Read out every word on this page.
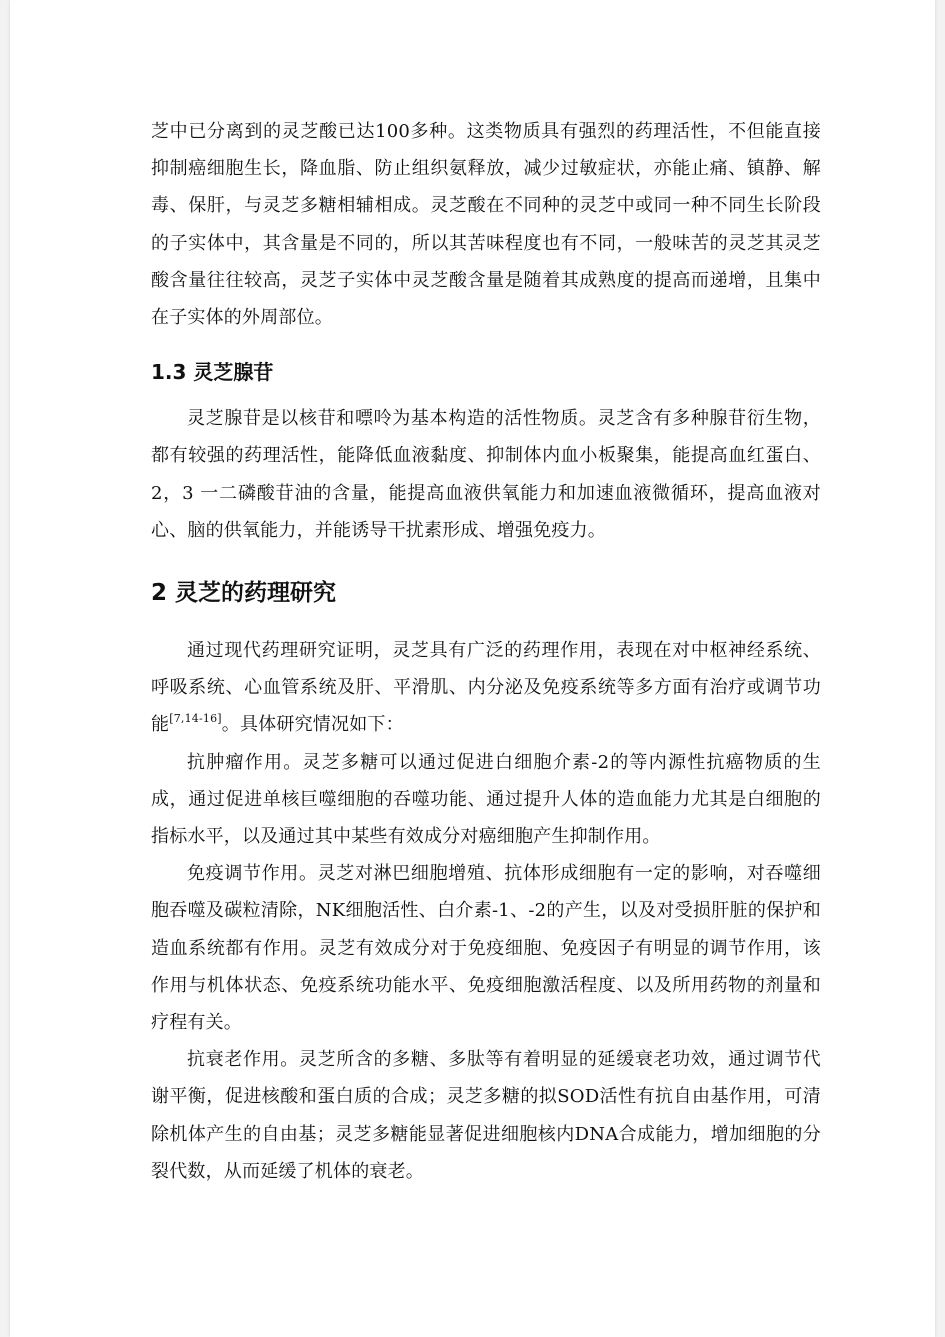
芝中已分离到的灵芝酸已达100多种。这类物质具有强烈的药理活性，不但能直接抑制癌细胞生长，降血脂、防止组织氨释放，减少过敏症状，亦能止痛、镇静、解毒、保肝，与灵芝多糖相辅相成。灵芝酸在不同种的灵芝中或同一种不同生长阶段的子实体中，其含量是不同的，所以其苦味程度也有不同，一般味苦的灵芝其灵芝酸含量往往较高，灵芝子实体中灵芝酸含量是随着其成熟度的提高而递增，且集中在子实体的外周部位。

1.3 灵芝腺苷

灵芝腺苷是以核苷和嘌呤为基本构造的活性物质。灵芝含有多种腺苷衍生物，都有较强的药理活性，能降低血液黏度、抑制体内血小板聚集，能提高血红蛋白、2，3 一二磷酸苷油的含量，能提高血液供氧能力和加速血液微循环，提高血液对心、脑的供氧能力，并能诱导干扰素形成、增强免疫力。

2 灵芝的药理研究

通过现代药理研究证明，灵芝具有广泛的药理作用，表现在对中枢神经系统、呼吸系统、心血管系统及肝、平滑肌、内分泌及免疫系统等多方面有治疗或调节功能[7,14-16]。具体研究情况如下：

抗肿瘤作用。灵芝多糖可以通过促进白细胞介素-2的等内源性抗癌物质的生成，通过促进单核巨噬细胞的吞噬功能、通过提升人体的造血能力尤其是白细胞的指标水平，以及通过其中某些有效成分对癌细胞产生抑制作用。

免疫调节作用。灵芝对淋巴细胞增殖、抗体形成细胞有一定的影响，对吞噬细胞吞噬及碳粒清除，NK细胞活性、白介素-1、-2的产生，以及对受损肝脏的保护和造血系统都有作用。灵芝有效成分对于免疫细胞、免疫因子有明显的调节作用，该作用与机体状态、免疫系统功能水平、免疫细胞激活程度、以及所用药物的剂量和疗程有关。

抗衰老作用。灵芝所含的多糖、多肽等有着明显的延缓衰老功效，通过调节代谢平衡，促进核酸和蛋白质的合成；灵芝多糖的拟SOD活性有抗自由基作用，可清除机体产生的自由基；灵芝多糖能显著促进细胞核内DNA合成能力，增加细胞的分裂代数，从而延缓了机体的衰老。
